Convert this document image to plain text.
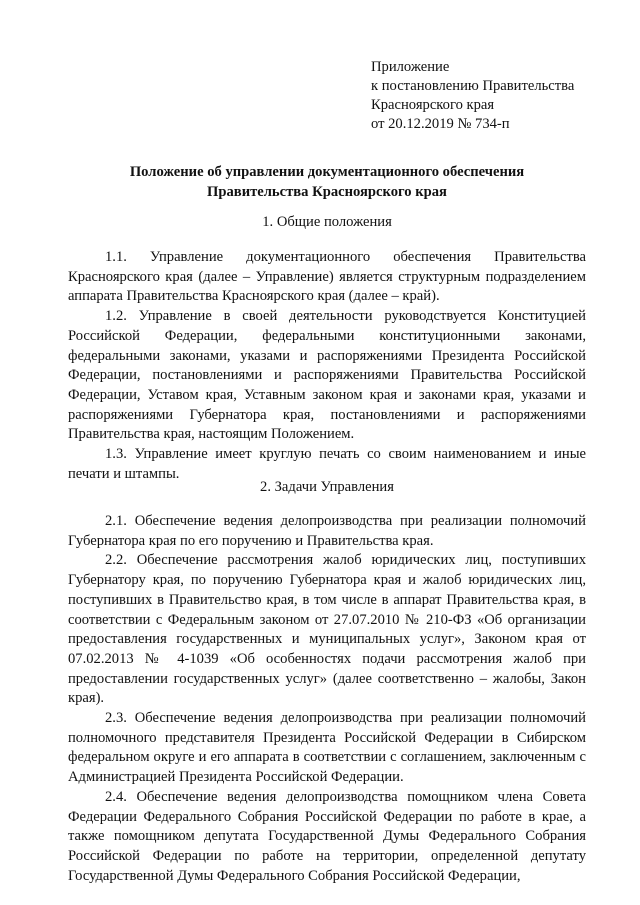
Приложение
к постановлению Правительства
Красноярского края
от 20.12.2019 № 734-п
Положение об управлении документационного обеспечения
Правительства Красноярского края
1. Общие положения

1.1. Управление документационного обеспечения Правительства Красноярского края (далее – Управление) является структурным подразделением аппарата Правительства Красноярского края (далее – край).

1.2. Управление в своей деятельности руководствуется Конституцией Российской Федерации, федеральными конституционными законами, федеральными законами, указами и распоряжениями Президента Российской Федерации, постановлениями и распоряжениями Правительства Российской Федерации, Уставом края, Уставным законом края и законами края, указами и распоряжениями Губернатора края, постановлениями и распоряжениями Правительства края, настоящим Положением.

1.3. Управление имеет круглую печать со своим наименованием и иные печати и штампы.

2. Задачи Управления

2.1. Обеспечение ведения делопроизводства при реализации полномочий Губернатора края по его поручению и Правительства края.

2.2. Обеспечение рассмотрения жалоб юридических лиц, поступивших Губернатору края, по поручению Губернатора края и жалоб юридических лиц, поступивших в Правительство края, в том числе в аппарат Правительства края, в соответствии с Федеральным законом от 27.07.2010 № 210-ФЗ «Об организации предоставления государственных и муниципальных услуг», Законом края от 07.02.2013 № 4-1039 «Об особенностях подачи рассмотрения жалоб при предоставлении государственных услуг» (далее соответственно – жалобы, Закон края).

2.3. Обеспечение ведения делопроизводства при реализации полномочий полномочного представителя Президента Российской Федерации в Сибирском федеральном округе и его аппарата в соответствии с соглашением, заключенным с Администрацией Президента Российской Федерации.

2.4. Обеспечение ведения делопроизводства помощником члена Совета Федерации Федерального Собрания Российской Федерации по работе в крае, а также помощником депутата Государственной Думы Федерального Собрания Российской Федерации по работе на территории, определенной депутату Государственной Думы Федерального Собрания Российской Федерации,
